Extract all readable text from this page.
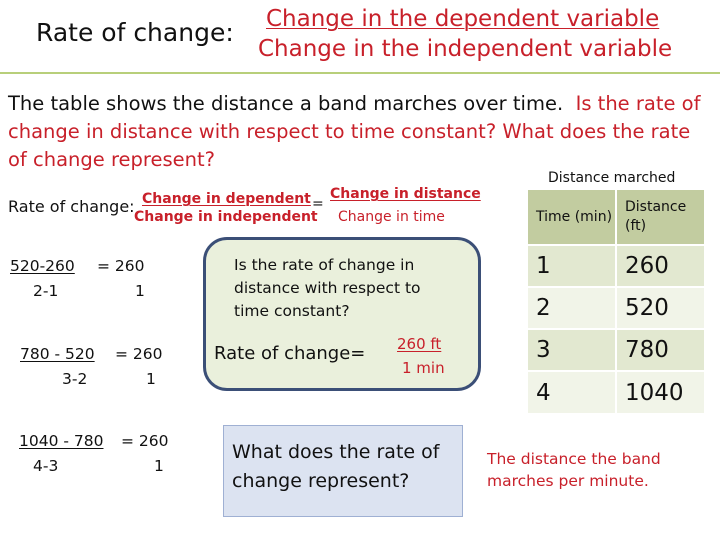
Rate of change: Change in the dependent variable
Change in the independent variable
The table shows the distance a band marches over time. Is the rate of change in distance with respect to time constant? What does the rate of change represent?
Rate of change: Change in dependent
Change in independent
=
Change in distance
Change in time
520-260 = 260
2-1	1
780 - 520 = 260
3-2	1
1040 - 780 = 260
4-3	1
Is the rate of change in distance with respect to time constant?
Rate of change= 260 ft
1 min
What does the rate of change represent?
The distance the band marches per minute.
Distance marched
Time (min)	Distance (ft)
1	260
2	520
3	780
4	1040
